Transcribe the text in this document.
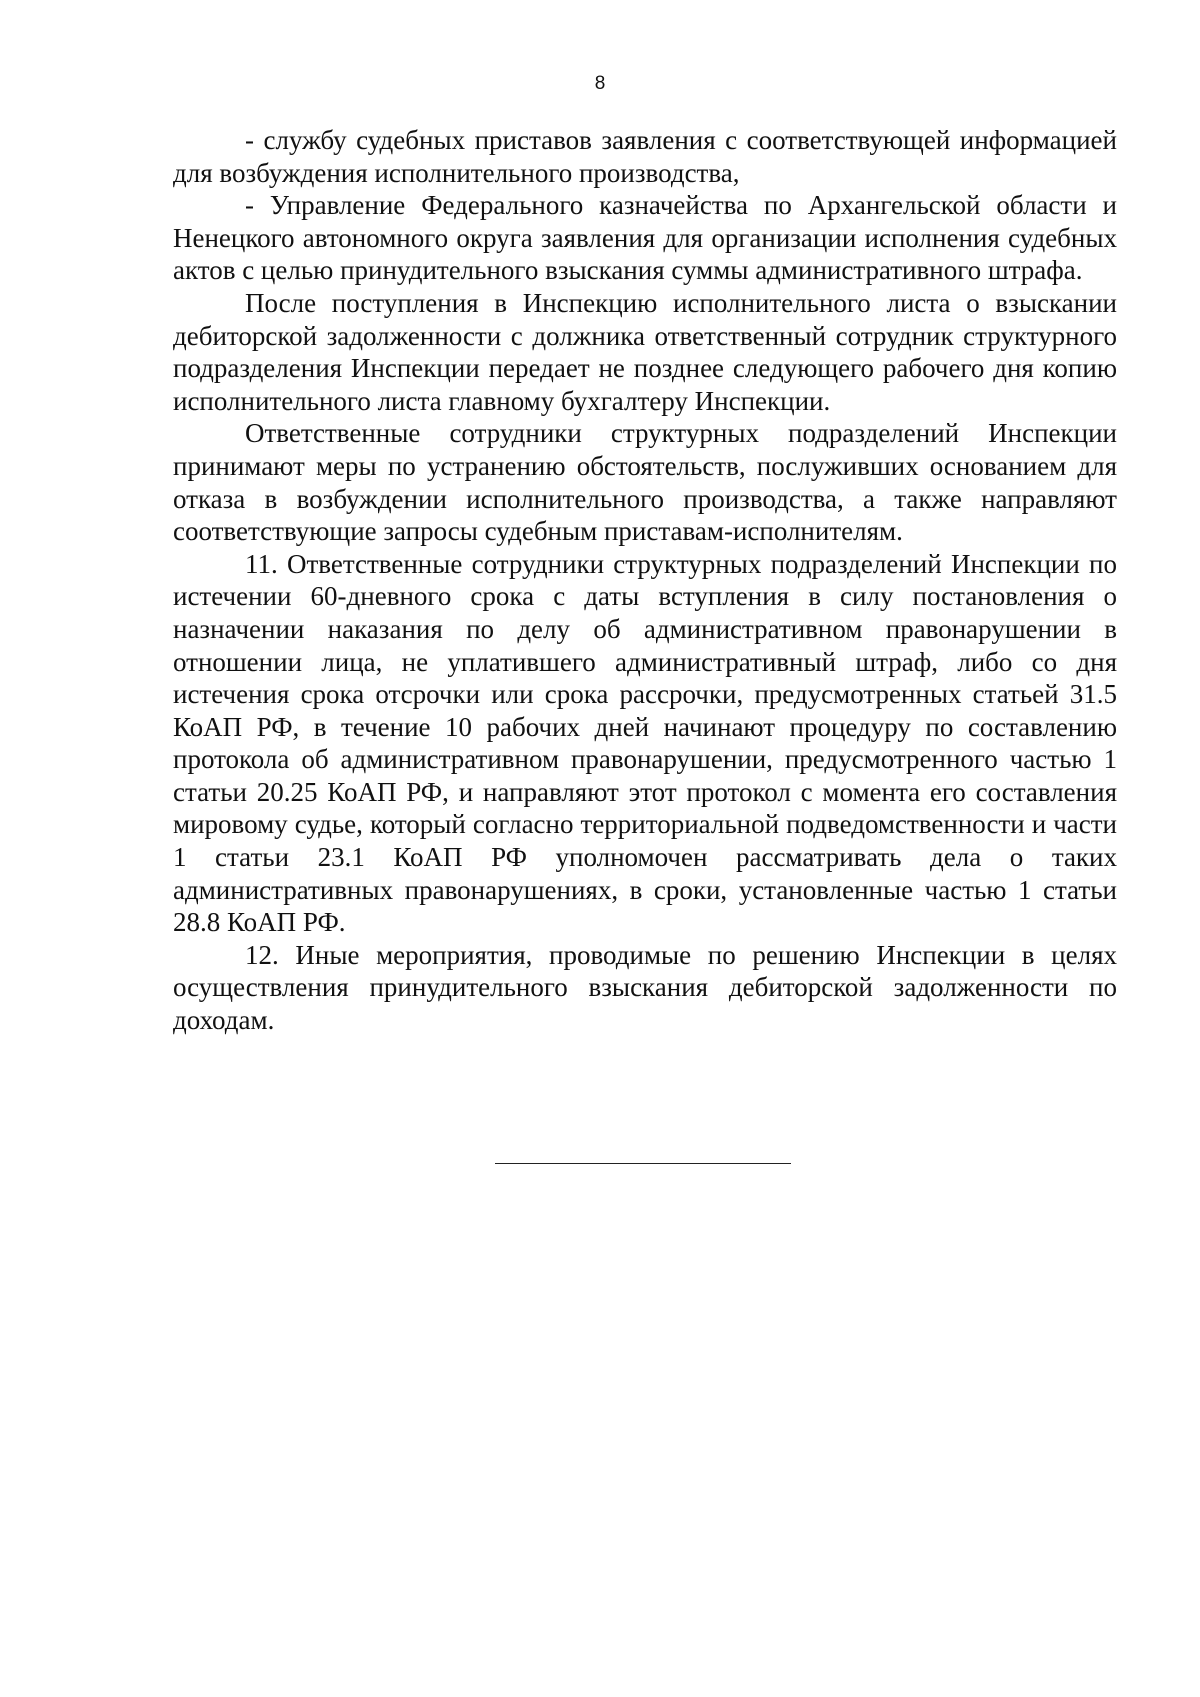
8

- службу судебных приставов заявления с соответствующей информацией для возбуждения исполнительного производства,

- Управление Федерального казначейства по Архангельской области и Ненецкого автономного округа заявления для организации исполнения судебных актов с целью принудительного взыскания суммы административного штрафа.

После поступления в Инспекцию исполнительного листа о взыскании дебиторской задолженности с должника ответственный сотрудник структурного подразделения Инспекции передает не позднее следующего рабочего дня копию исполнительного листа главному бухгалтеру Инспекции.

Ответственные сотрудники структурных подразделений Инспекции принимают меры по устранению обстоятельств, послуживших основанием для отказа в возбуждении исполнительного производства, а также направляют соответствующие запросы судебным приставам-исполнителям.

11. Ответственные сотрудники структурных подразделений Инспекции по истечении 60-дневного срока с даты вступления в силу постановления о назначении наказания по делу об административном правонарушении в отношении лица, не уплатившего административный штраф, либо со дня истечения срока отсрочки или срока рассрочки, предусмотренных статьей 31.5 КоАП РФ, в течение 10 рабочих дней начинают процедуру по составлению протокола об административном правонарушении, предусмотренного частью 1 статьи 20.25 КоАП РФ, и направляют этот протокол с момента его составления мировому судье, который согласно территориальной подведомственности и части 1 статьи 23.1 КоАП РФ уполномочен рассматривать дела о таких административных правонарушениях, в сроки, установленные частью 1 статьи 28.8 КоАП РФ.

12. Иные мероприятия, проводимые по решению Инспекции в целях осуществления принудительного взыскания дебиторской задолженности по доходам.
